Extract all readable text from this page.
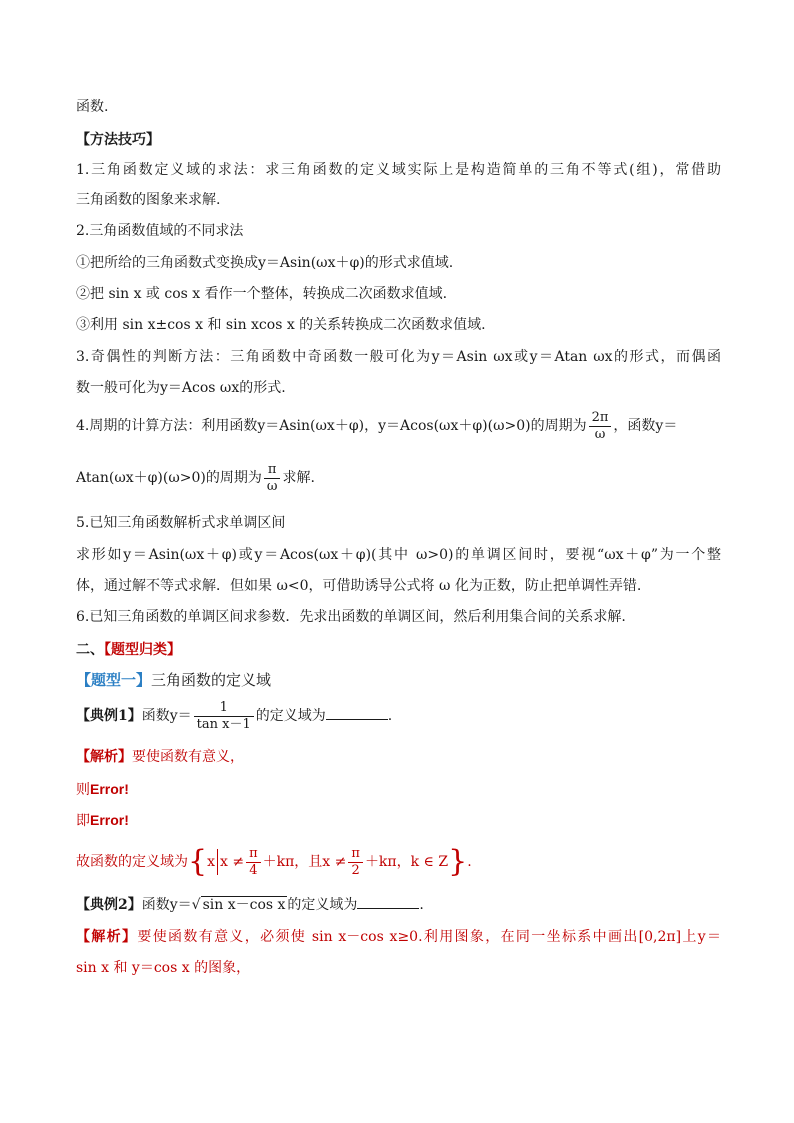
函数.
【方法技巧】
1.三角函数定义域的求法：求三角函数的定义域实际上是构造简单的三角不等式(组)，常借助
三角函数的图象来求解.
2.三角函数值域的不同求法
①把所给的三角函数式变换成y＝Asin(ωx＋φ)的形式求值域.
②把 sin x 或 cos x 看作一个整体，转换成二次函数求值域.
③利用 sin x±cos x 和 sin xcos x 的关系转换成二次函数求值域.
3.奇偶性的判断方法：三角函数中奇函数一般可化为y＝Asin ωx或y＝Atan ωx的形式，而偶函
数一般可化为y＝Acos ωx的形式.
4.周期的计算方法：利用函数y＝Asin(ωx＋φ)，y＝Acos(ωx＋φ)(ω>0)的周期为 $\frac{2\pi}{\omega}$ ，函数y＝
Atan(ωx＋φ)(ω>0)的周期为 $\frac{\pi}{\omega}$ 求解.
5.已知三角函数解析式求单调区间
求形如y＝Asin(ωx＋φ)或y＝Acos(ωx＋φ)(其中 ω>0)的单调区间时，要视“ωx＋φ”为一个整
体，通过解不等式求解．但如果 ω<0，可借助诱导公式将 ω 化为正数，防止把单调性弄错.
6.已知三角函数的单调区间求参数．先求出函数的单调区间，然后利用集合间的关系求解.
二、【题型归类】
【题型一】三角函数的定义域
【典例1】函数$y= \frac{1}{\text{tan x－1}}$ 的定义域为	.
【解析】要使函数有意义，
则Error!
即Error!
故函数的定义域为{x $x \ne \frac{\pi}{4} +k\pi$，且$x \ne \frac{\pi}{2} +k\pi$，k ∈ Z}.
【典例2】函数y＝√ sin x－cos x 的定义域为	.
【解析】要使函数有意义，必须使 sin x－cos x≥0.利用图象，在同一坐标系中画出[0,2π]上y＝
sin x 和 y＝cos x 的图象，
